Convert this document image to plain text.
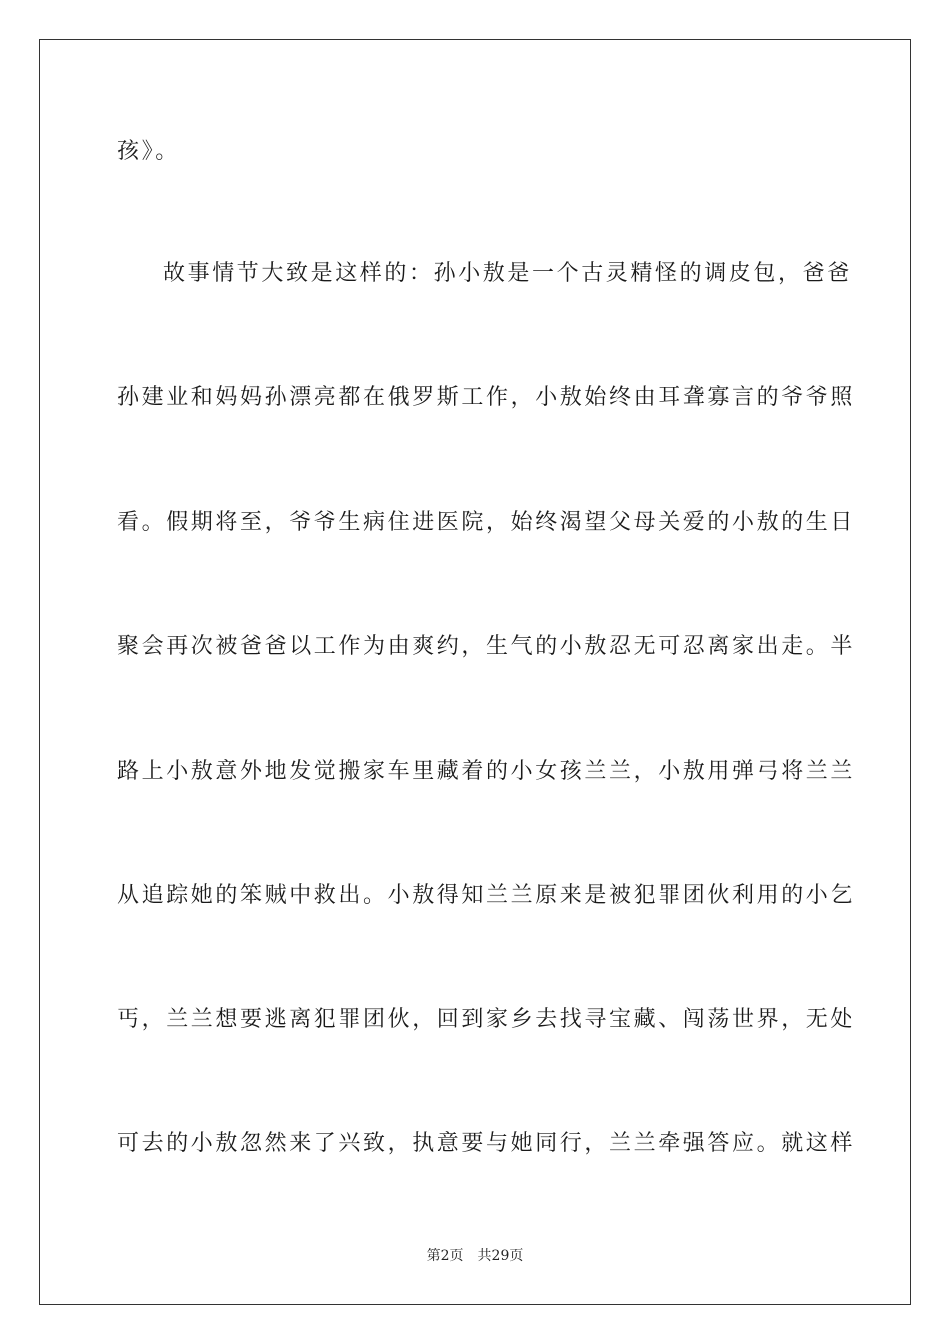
孩》。
故事情节大致是这样的：孙小敖是一个古灵精怪的调皮包，爸爸
孙建业和妈妈孙漂亮都在俄罗斯工作，小敖始终由耳聋寡言的爷爷照
看。假期将至，爷爷生病住进医院，始终渴望父母关爱的小敖的生日
聚会再次被爸爸以工作为由爽约，生气的小敖忍无可忍离家出走。半
路上小敖意外地发觉搬家车里藏着的小女孩兰兰，小敖用弹弓将兰兰
从追踪她的笨贼中救出。小敖得知兰兰原来是被犯罪团伙利用的小乞
丐，兰兰想要逃离犯罪团伙，回到家乡去找寻宝藏、闯荡世界，无处
可去的小敖忽然来了兴致，执意要与她同行，兰兰牵强答应。就这样
第2页 共29页
